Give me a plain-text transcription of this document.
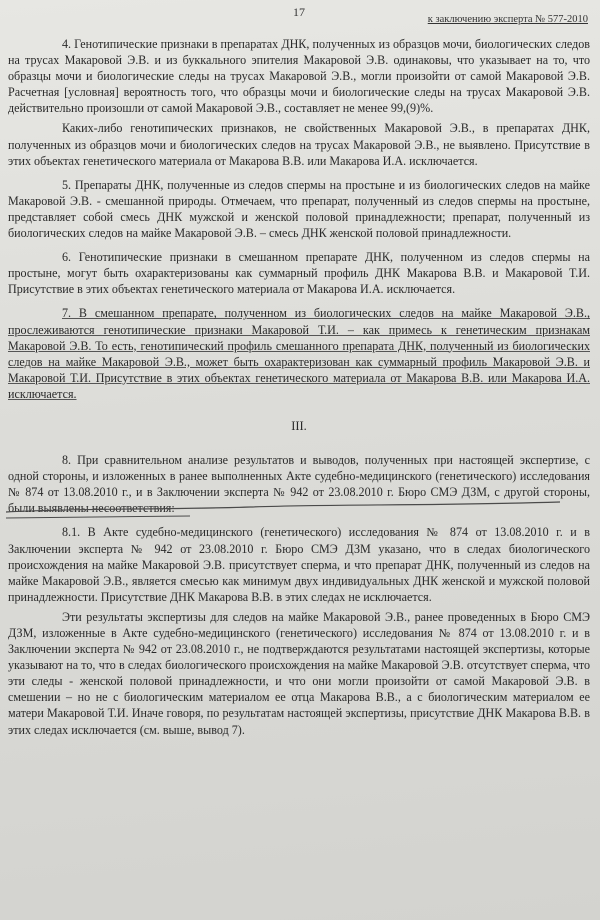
17

к заключению эксперта № 577-2010

4. Генотипические признаки в препаратах ДНК, полученных из образцов мочи, биологических следов на трусах Макаровой Э.В. и из буккального эпителия Макаровой Э.В. одинаковы, что указывает на то, что образцы мочи и биологические следы на трусах Макаровой Э.В., могли произойти от самой Макаровой Э.В. Расчетная [условная] вероятность того, что образцы мочи и биологические следы на трусах Макаровой Э.В. действительно произошли от самой Макаровой Э.В., составляет не менее 99,(9)%.

Каких-либо генотипических признаков, не свойственных Макаровой Э.В., в препаратах ДНК, полученных из образцов мочи и биологических следов на трусах Макаровой Э.В., не выявлено. Присутствие в этих объектах генетического материала от Макарова В.В. или Макарова И.А. исключается.

5. Препараты ДНК, полученные из следов спермы на простыне и из биологических следов на майке Макаровой Э.В. - смешанной природы. Отмечаем, что препарат, полученный из следов спермы на простыне, представляет собой смесь ДНК мужской и женской половой принадлежности; препарат, полученный из биологических следов на майке Макаровой Э.В. – смесь ДНК женской половой принадлежности.

6. Генотипические признаки в смешанном препарате ДНК, полученном из следов спермы на простыне, могут быть охарактеризованы как суммарный профиль ДНК Макарова В.В. и Макаровой Т.И. Присутствие в этих объектах генетического материала от Макарова И.А. исключается.

7. В смешанном препарате, полученном из биологических следов на майке Макаровой Э.В., прослеживаются генотипические признаки Макаровой Т.И. – как примесь к генетическим признакам Макаровой Э.В. То есть, генотипический профиль смешанного препарата ДНК, полученный из биологических следов на майке Макаровой Э.В., может быть охарактеризован как суммарный профиль Макаровой Э.В. и Макаровой Т.И. Присутствие в этих объектах генетического материала от Макарова В.В. или Макарова И.А. исключается.

III.

8. При сравнительном анализе результатов и выводов, полученных при настоящей экспертизе, с одной стороны, и изложенных в ранее выполненных Акте судебно-медицинского (генетического) исследования № 874 от 13.08.2010 г., и в Заключении эксперта № 942 от 23.08.2010 г. Бюро СМЭ ДЗМ, с другой стороны, были выявлены несоответствия:

8.1. В Акте судебно-медицинского (генетического) исследования № 874 от 13.08.2010 г. и в Заключении эксперта № 942 от 23.08.2010 г. Бюро СМЭ ДЗМ указано, что в следах биологического происхождения на майке Макаровой Э.В. присутствует сперма, и что препарат ДНК, полученный из следов на майке Макаровой Э.В., является смесью как минимум двух индивидуальных ДНК женской и мужской половой принадлежности. Присутствие ДНК Макарова В.В. в этих следах не исключается.

Эти результаты экспертизы для следов на майке Макаровой Э.В., ранее проведенных в Бюро СМЭ ДЗМ, изложенные в Акте судебно-медицинского (генетического) исследования № 874 от 13.08.2010 г. и в Заключении эксперта № 942 от 23.08.2010 г., не подтверждаются результатами настоящей экспертизы, которые указывают на то, что в следах биологического происхождения на майке Макаровой Э.В. отсутствует сперма, что эти следы - женской половой принадлежности, и что они могли произойти от самой Макаровой Э.В. в смешении – но не с биологическим материалом ее отца Макарова В.В., а с биологическим материалом ее матери Макаровой Т.И. Иначе говоря, по результатам настоящей экспертизы, присутствие ДНК Макарова В.В. в этих следах исключается (см. выше, вывод 7).
